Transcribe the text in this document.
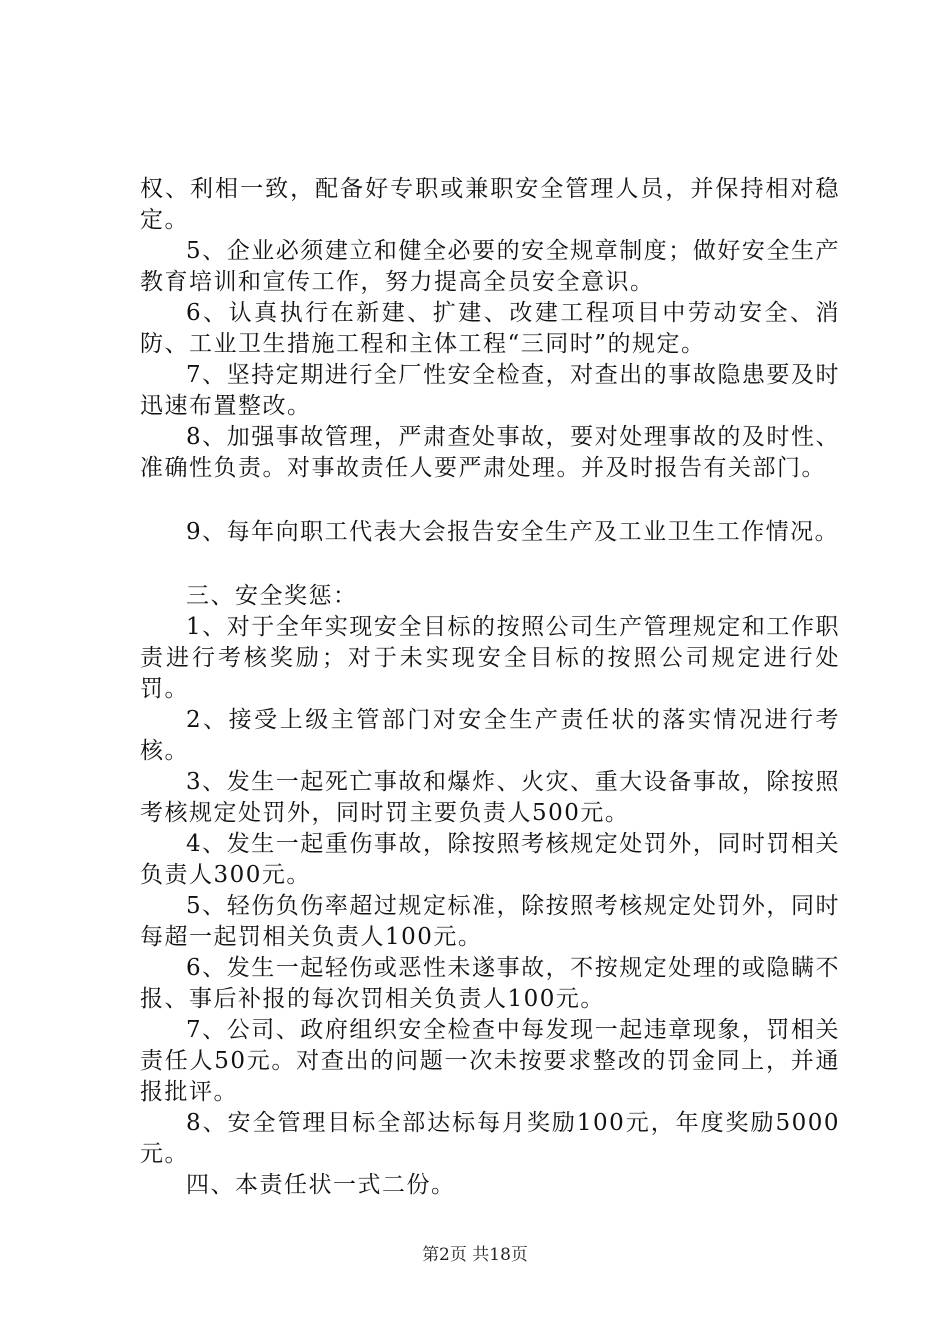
权、利相一致，配备好专职或兼职安全管理人员，并保持相对稳定。

5、企业必须建立和健全必要的安全规章制度；做好安全生产教育培训和宣传工作，努力提高全员安全意识。

6、认真执行在新建、扩建、改建工程项目中劳动安全、消防、工业卫生措施工程和主体工程“三同时”的规定。

7、坚持定期进行全厂性安全检查，对查出的事故隐患要及时迅速布置整改。

8、加强事故管理，严肃查处事故，要对处理事故的及时性、准确性负责。对事故责任人要严肃处理。并及时报告有关部门。

9、每年向职工代表大会报告安全生产及工业卫生工作情况。

三、安全奖惩：

1、对于全年实现安全目标的按照公司生产管理规定和工作职责进行考核奖励；对于未实现安全目标的按照公司规定进行处罚。

2、接受上级主管部门对安全生产责任状的落实情况进行考核。

3、发生一起死亡事故和爆炸、火灾、重大设备事故，除按照考核规定处罚外，同时罚主要负责人500元。

4、发生一起重伤事故，除按照考核规定处罚外，同时罚相关负责人300元。

5、轻伤负伤率超过规定标准，除按照考核规定处罚外，同时每超一起罚相关负责人100元。

6、发生一起轻伤或恶性未遂事故，不按规定处理的或隐瞒不报、事后补报的每次罚相关负责人100元。

7、公司、政府组织安全检查中每发现一起违章现象，罚相关责任人50元。对查出的问题一次未按要求整改的罚金同上，并通报批评。

8、安全管理目标全部达标每月奖励100元，年度奖励5000元。

四、本责任状一式二份。

第2页 共18页
